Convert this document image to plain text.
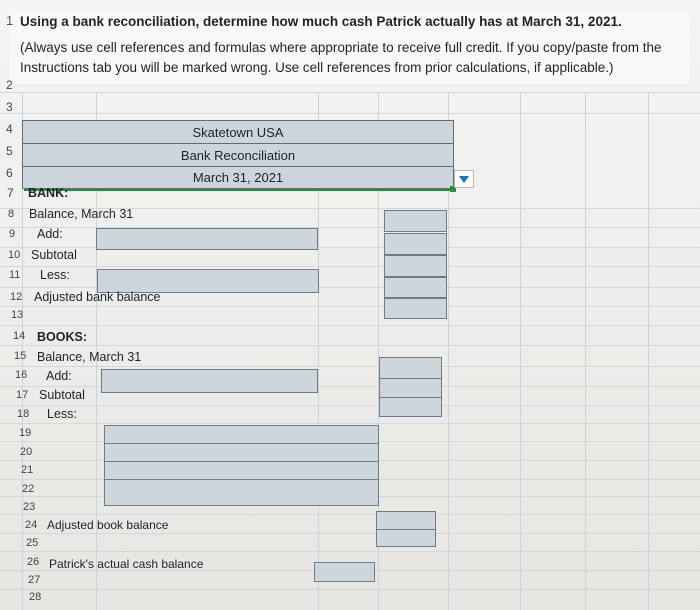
1 Using a bank reconciliation, determine how much cash Patrick actually has at March 31, 2021.
(Always use cell references and formulas where appropriate to receive full credit. If you copy/paste from the
Instructions tab you will be marked wrong. Use cell references from prior calculations, if applicable.)
2
3
4
5
6
7
8
9
10
11
12
13
14
15
16
17
18
19
20
21
22
23
24
25
26
27
28
Skatetown USA
Bank Reconciliation
March 31, 2021
BANK:
Balance, March 31
Add:
Subtotal
Less:
Adjusted bank balance
BOOKS:
Balance, March 31
Add:
Subtotal
Less:
Adjusted book balance
Patrick's actual cash balance
